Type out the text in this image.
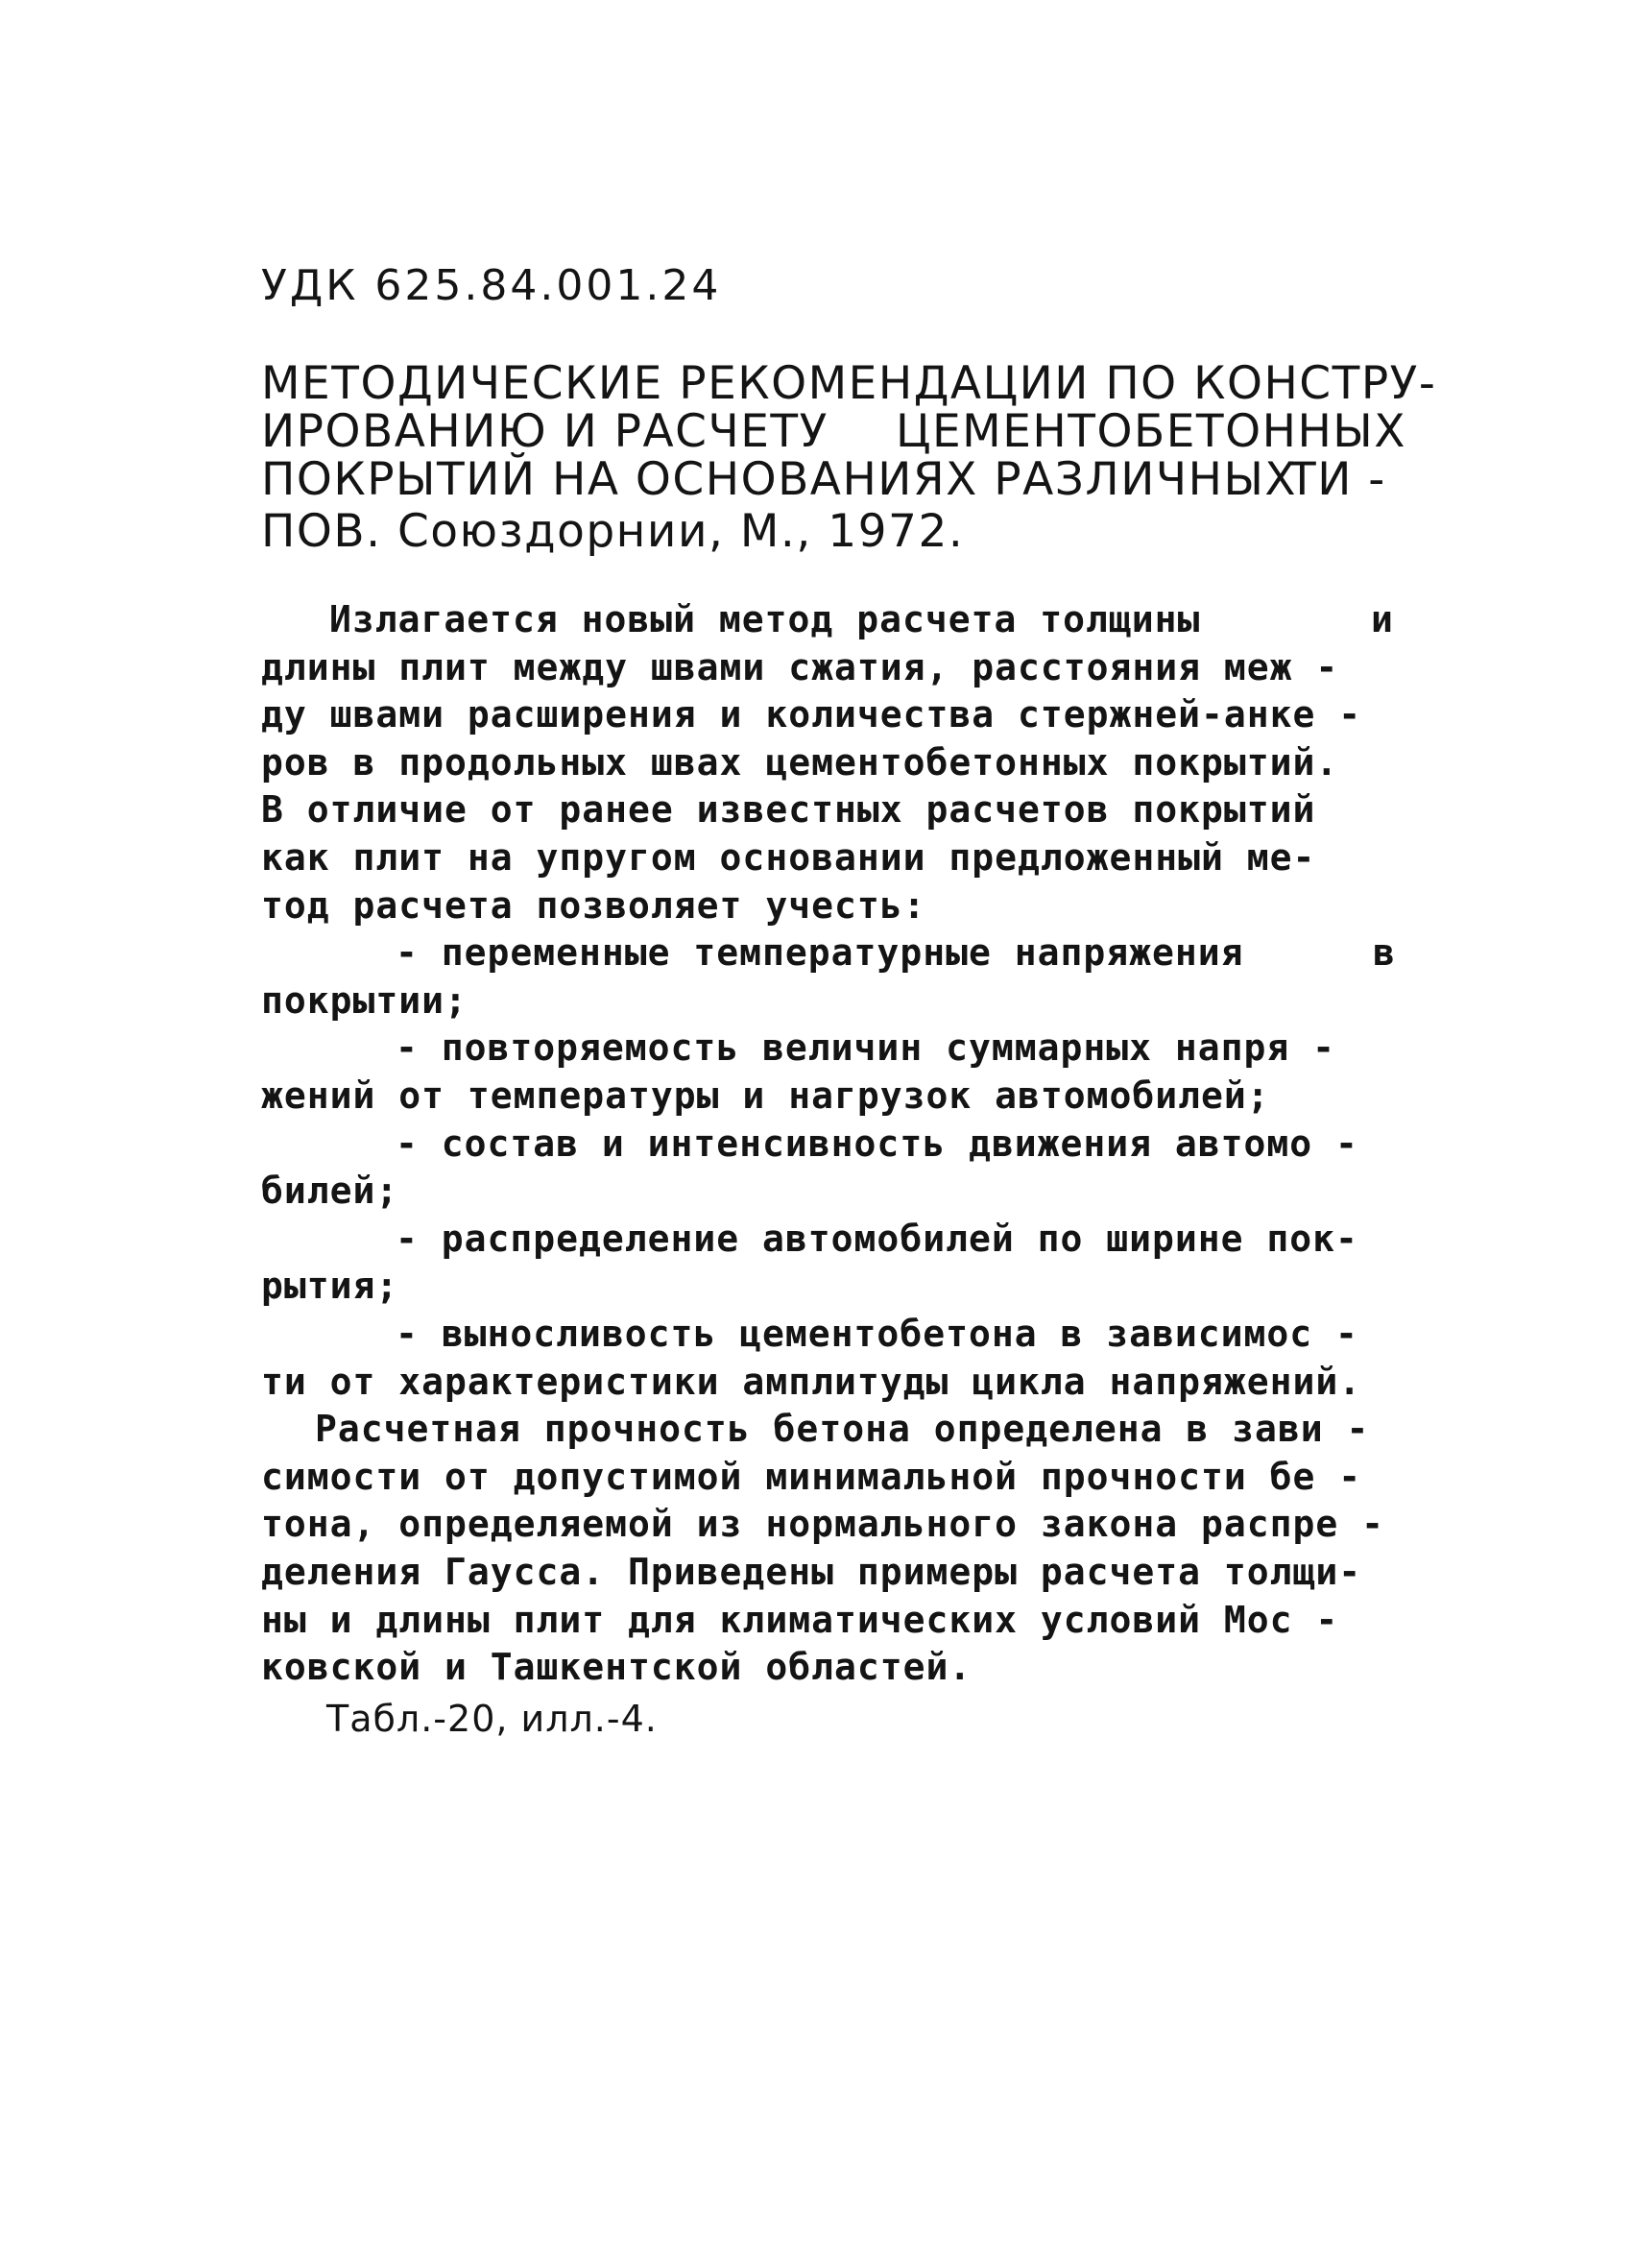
УДК 625.84.001.24

МЕТОДИЧЕСКИЕ РЕКОМЕНДАЦИИ ПО КОНСТРУ-

ИРОВАНИЮ И РАСЧЕТУ ЦЕМЕНТОБЕТОННЫХ

ПОКРЫТИЙ НА ОСНОВАНИЯХ РАЗЛИЧНЫХ

ТИ -

ПОВ. Союздорнии, М., 1972.

Излагается новый метод расчета толщины	и

длины плит между швами сжатия, расстояния меж -

ду швами расширения и количества стержней-анке -

ров в продольных швах цементобетонных покрытий.

В отличие от ранее известных расчетов покрытий

как плит на упругом основании предложенный ме-

тод расчета позволяет учесть:

- переменные температурные напряжения	в

покрытии;

- повторяемость величин суммарных напря -

жений от температуры и нагрузок автомобилей;

- состав и интенсивность движения автомо -

билей;

- распределение автомобилей по ширине пок-

рытия;

- выносливость цементобетона в зависимос -

ти от характеристики амплитуды цикла напряжений.

Расчетная прочность бетона определена в зави -

симости от допустимой минимальной прочности бе -

тона, определяемой из нормального закона распре -

деления Гаусса. Приведены примеры расчета толщи-

ны и длины плит для климатических условий Мос -

ковской и Ташкентской областей.

Табл.-20, илл.-4.
